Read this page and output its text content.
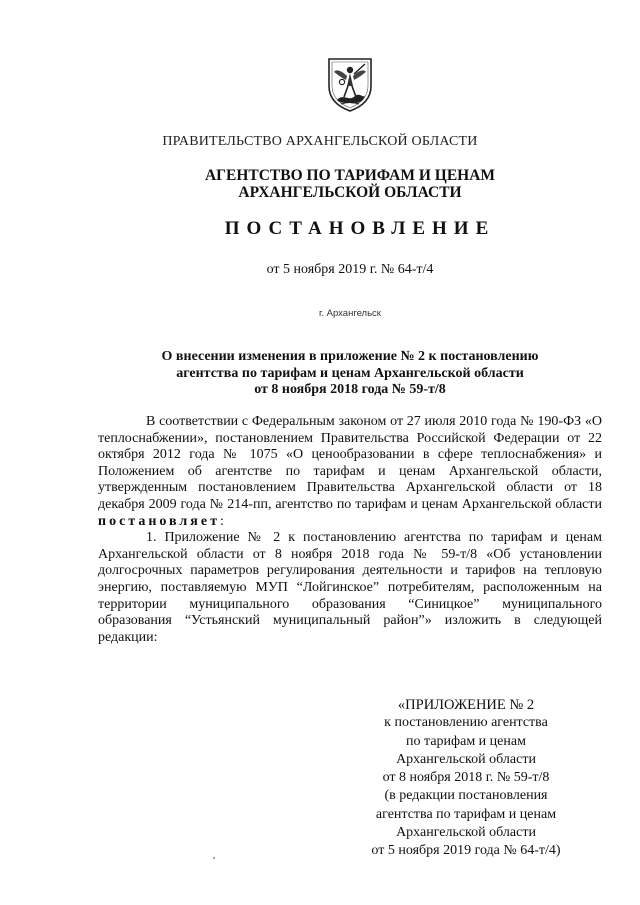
ПРАВИТЕЛЬСТВО АРХАНГЕЛЬСКОЙ ОБЛАСТИ
АГЕНТСТВО ПО ТАРИФАМ И ЦЕНАМ
АРХАНГЕЛЬСКОЙ ОБЛАСТИ
ПОСТАНОВЛЕНИЕ
от 5 ноября 2019 г. № 64-т/4
г. Архангельск
О внесении изменения в приложение № 2 к постановлению
агентства по тарифам и ценам Архангельской области
от 8 ноября 2018 года № 59-т/8

В соответствии с Федеральным законом от 27 июля 2010 года № 190-ФЗ «О теплоснабжении», постановлением Правительства Российской Федерации от 22 октября 2012 года № 1075 «О ценообразовании в сфере теплоснабжения» и Положением об агентстве по тарифам и ценам Архангельской области, утвержденным постановлением Правительства Архангельской области от 18 декабря 2009 года № 214-пп, агентство по тарифам и ценам Архангельской области постановляет:

1. Приложение № 2 к постановлению агентства по тарифам и ценам Архангельской области от 8 ноября 2018 года № 59-т/8 «Об установлении долгосрочных параметров регулирования деятельности и тарифов на тепловую энергию, поставляемую МУП “Лойгинское” потребителям, расположенным на территории муниципального образования “Синицкое” муниципального образования “Устьянский муниципальный район”» изложить в следующей редакции:

«ПРИЛОЖЕНИЕ № 2
к постановлению агентства
по тарифам и ценам
Архангельской области
от 8 ноября 2018 г. № 59-т/8
(в редакции постановления
агентства по тарифам и ценам
Архангельской области
от 5 ноября 2019 года № 64-т/4)
